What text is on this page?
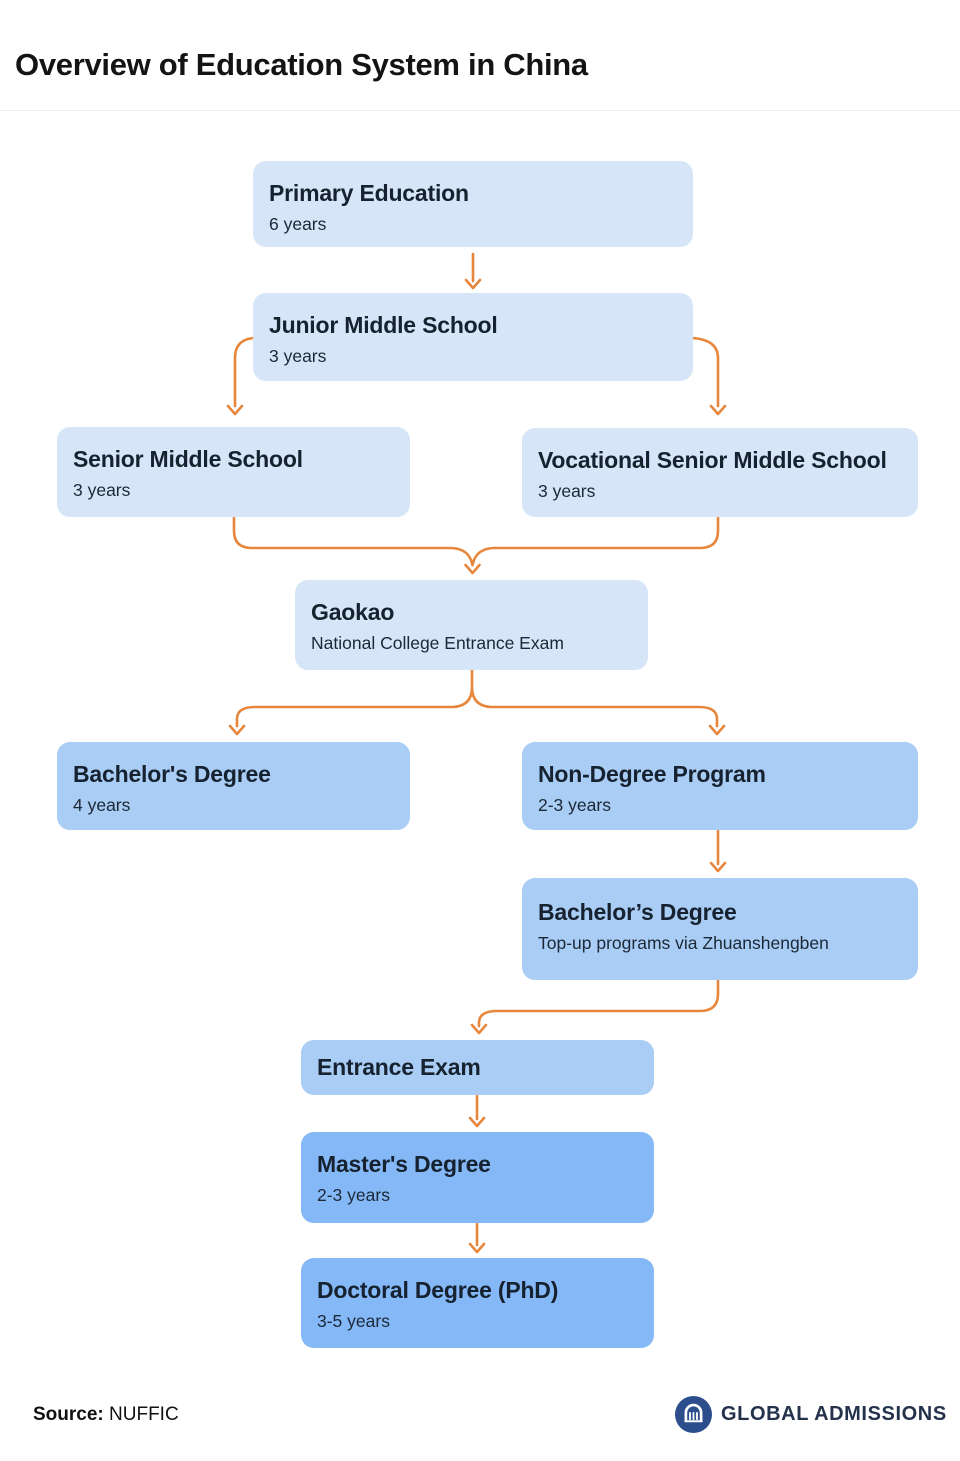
Overview of Education System in China
Primary Education
6 years
Junior Middle School
3 years
Senior Middle School
3 years
Vocational Senior Middle School
3 years
Gaokao
National College Entrance Exam
Bachelor's Degree
4 years
Non-Degree Program
2-3 years
Bachelor’s Degree
Top-up programs via Zhuanshengben
Entrance Exam
Master's Degree
2-3 years
Doctoral Degree (PhD)
3-5 years
Source: NUFFIC	GLOBAL ADMISSIONS
